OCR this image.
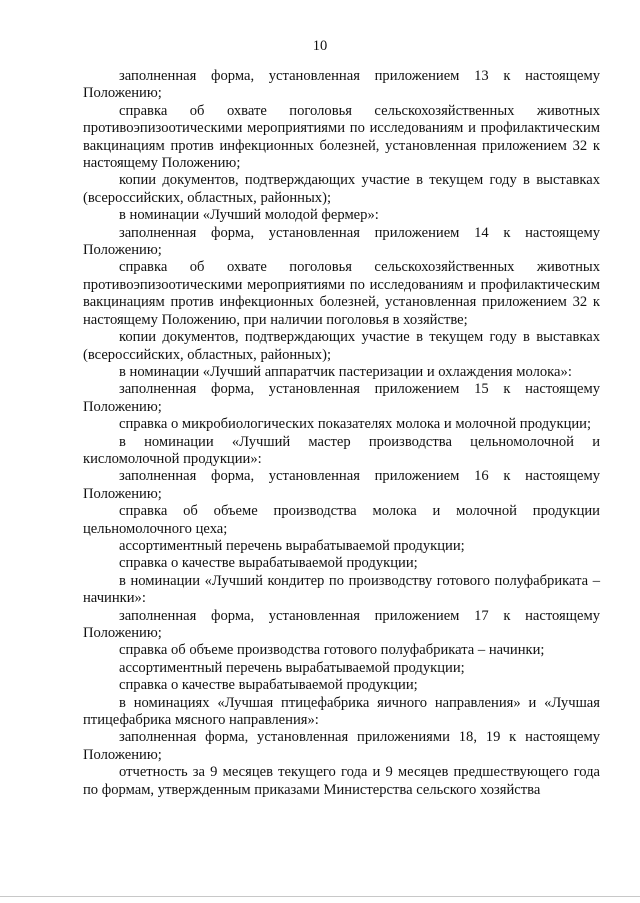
10

заполненная форма, установленная приложением 13 к настоящему Положению;

справка об охвате поголовья сельскохозяйственных животных противоэпизоотическими мероприятиями по исследованиям и профилактическим вакцинациям против инфекционных болезней, установленная приложением 32 к настоящему Положению;

копии документов, подтверждающих участие в текущем году в выставках (всероссийских, областных, районных);

в номинации «Лучший молодой фермер»:

заполненная форма, установленная приложением 14 к настоящему Положению;

справка об охвате поголовья сельскохозяйственных животных противоэпизоотическими мероприятиями по исследованиям и профилактическим вакцинациям против инфекционных болезней, установленная приложением 32 к настоящему Положению, при наличии поголовья в хозяйстве;

копии документов, подтверждающих участие в текущем году в выставках (всероссийских, областных, районных);

в номинации «Лучший аппаратчик пастеризации и охлаждения молока»:

заполненная форма, установленная приложением 15 к настоящему Положению;

справка о микробиологических показателях молока и молочной продукции;

в номинации «Лучший мастер производства цельномолочной и кисломолочной продукции»:

заполненная форма, установленная приложением 16 к настоящему Положению;

справка об объеме производства молока и молочной продукции цельномолочного цеха;

ассортиментный перечень вырабатываемой продукции;

справка о качестве вырабатываемой продукции;

в номинации «Лучший кондитер по производству готового полуфабриката – начинки»:

заполненная форма, установленная приложением 17 к настоящему Положению;

справка об объеме производства готового полуфабриката – начинки;

ассортиментный перечень вырабатываемой продукции;

справка о качестве вырабатываемой продукции;

в номинациях «Лучшая птицефабрика яичного направления» и «Лучшая птицефабрика мясного направления»:

заполненная форма, установленная приложениями 18, 19 к настоящему Положению;

отчетность за 9 месяцев текущего года и 9 месяцев предшествующего года по формам, утвержденным приказами Министерства сельского хозяйства
